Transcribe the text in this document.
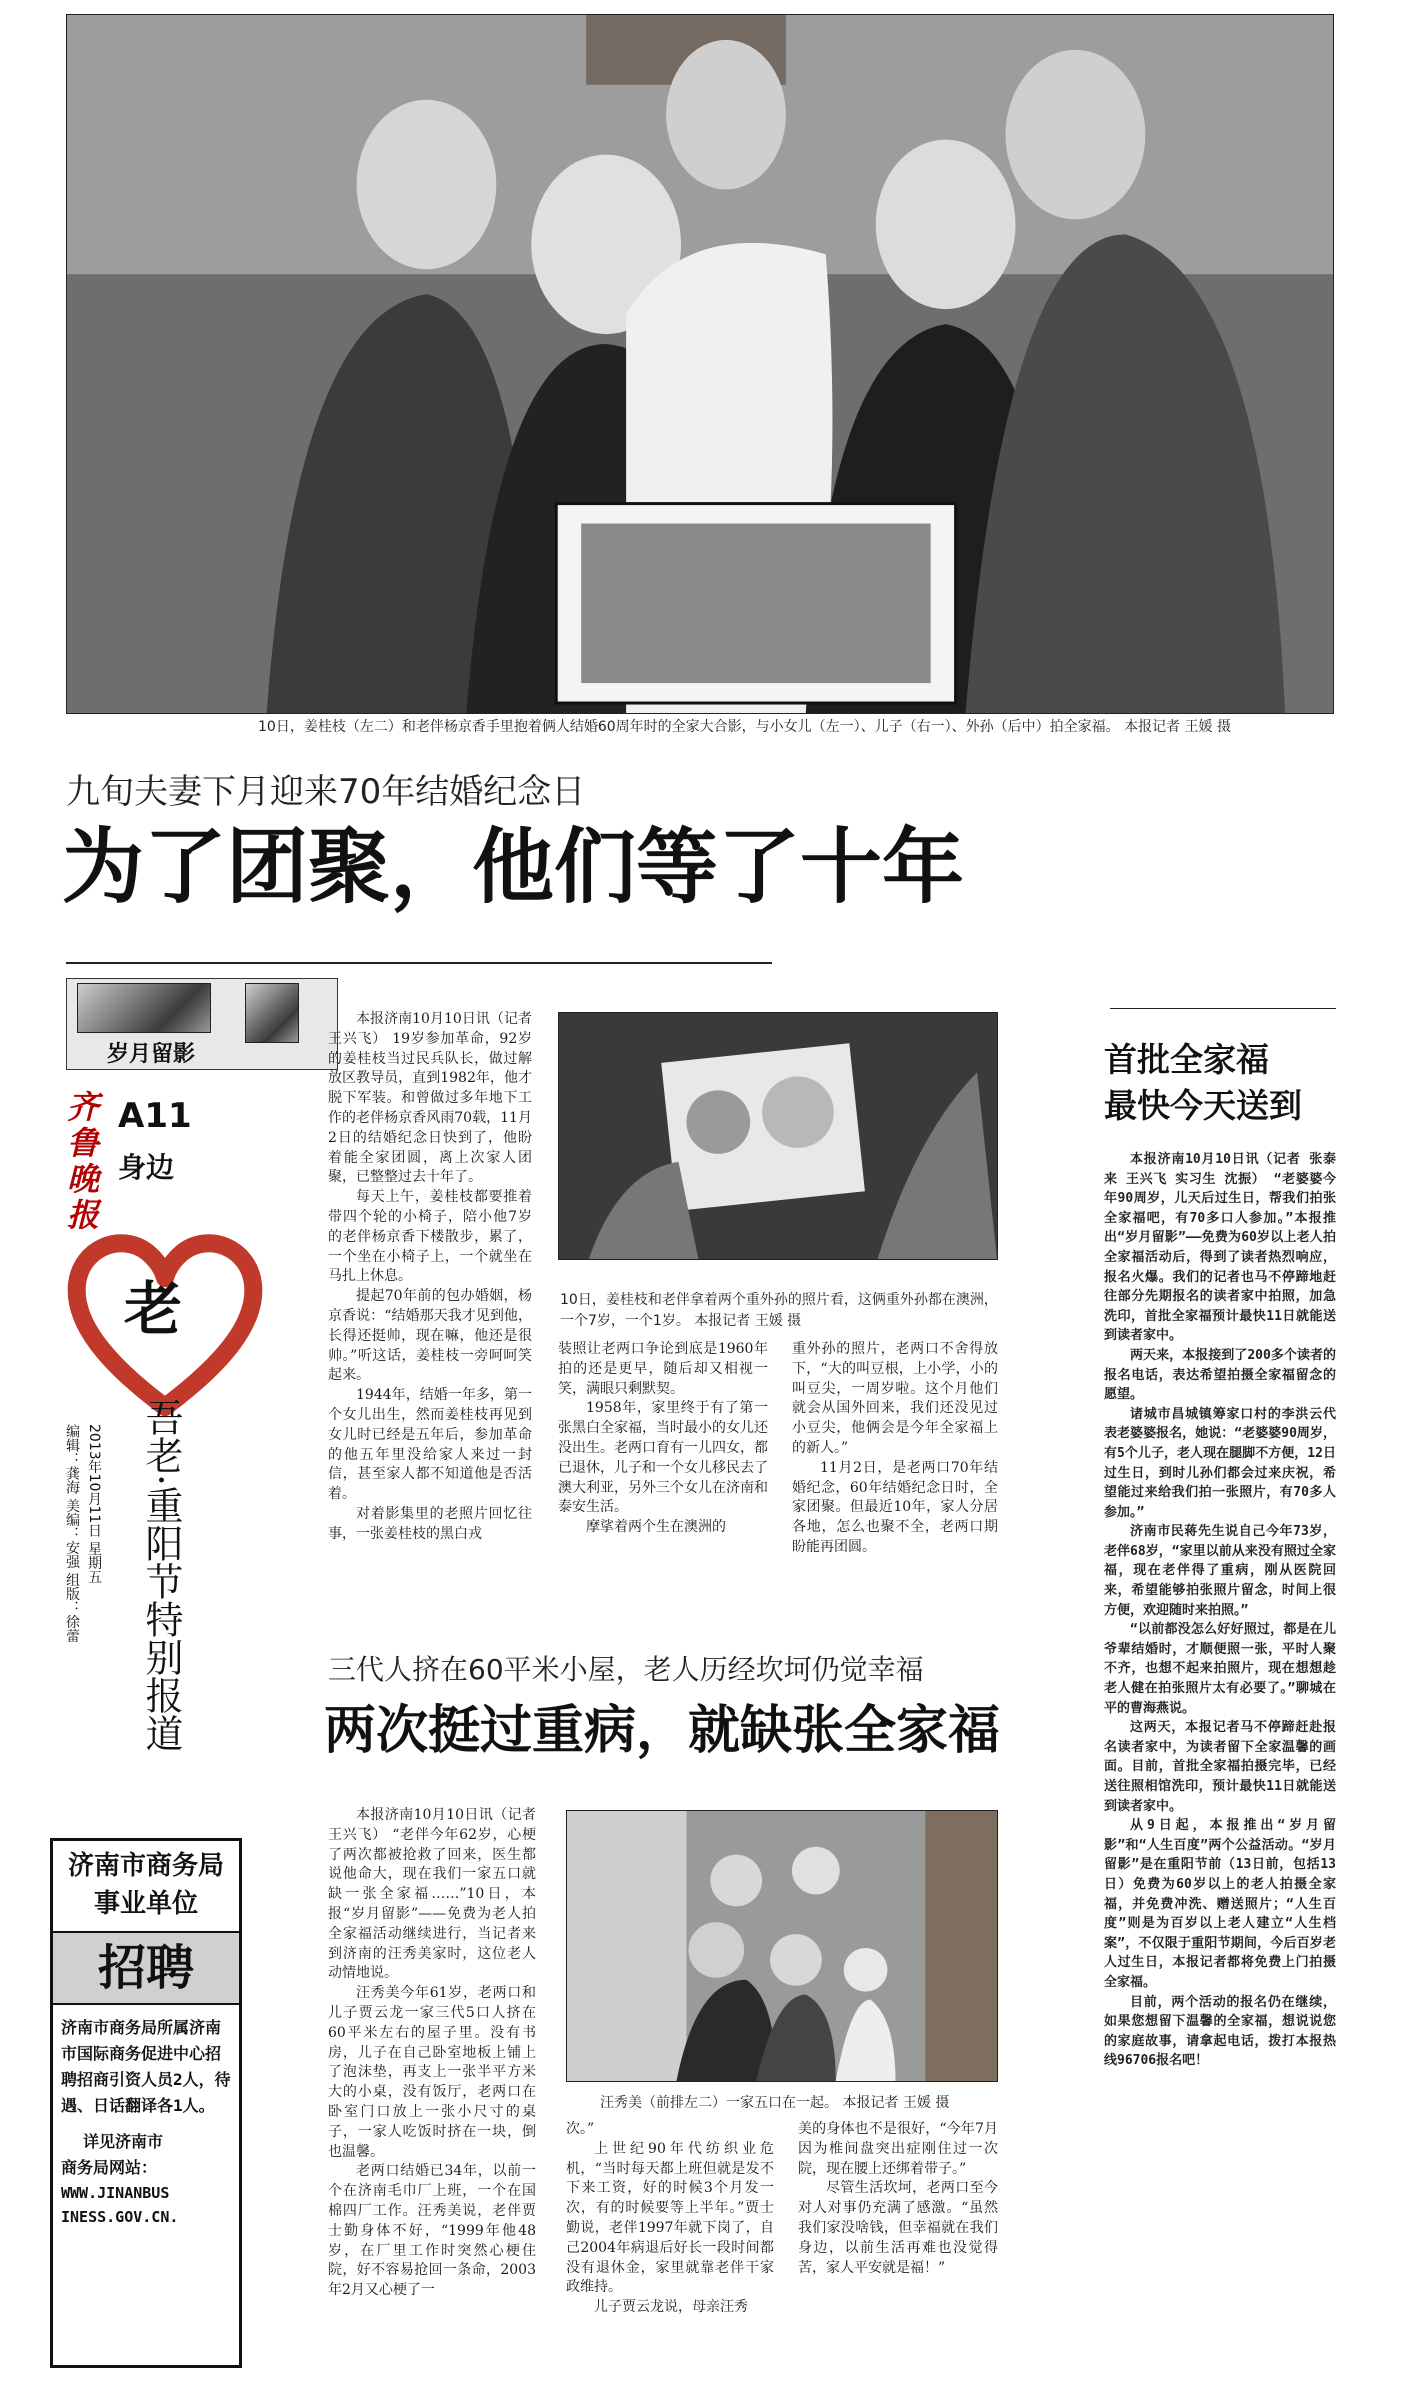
10日，姜桂枝（左二）和老伴杨京香手里抱着俩人结婚60周年时的全家大合影，与小女儿（左一）、儿子（右一）、外孙（后中）拍全家福。 本报记者 王媛 摄
九旬夫妻下月迎来70年结婚纪念日
为了团聚，他们等了十年
岁月留影
齐鲁晚报 A11
身边
老
吾老·重阳节特别报道
2013年10月11日 星期五
编辑：龚海 美编：安强 组版：徐蕾
济南市商务局
事业单位
招聘
济南市商务局所属济南市国际商务促进中心招聘招商引资人员2人，待遇、日话翻译各1人。
详见济南市
商务局网站：
WWW.JINANBUS
INESS.GOV.CN.

本报济南10月10日讯（记者 王兴飞） 19岁参加革命，92岁的姜桂枝当过民兵队长，做过解放区教导员，直到1982年，他才脱下军装。和曾做过多年地下工作的老伴杨京香风雨70载，11月2日的结婚纪念日快到了，他盼着能全家团圆，离上次家人团聚，已整整过去十年了。

每天上午，姜桂枝都要推着带四个轮的小椅子，陪小他7岁的老伴杨京香下楼散步，累了，一个坐在小椅子上，一个就坐在马扎上休息。

提起70年前的包办婚姻，杨京香说：“结婚那天我才见到他，长得还挺帅，现在嘛，他还是很帅。”听这话，姜桂枝一旁呵呵笑起来。

1944年，结婚一年多，第一个女儿出生，然而姜桂枝再见到女儿时已经是五年后，参加革命的他五年里没给家人来过一封信，甚至家人都不知道他是否活着。

对着影集里的老照片回忆往事，一张姜桂枝的黑白戎

10日，姜桂枝和老伴拿着两个重外孙的照片看，这俩重外孙都在澳洲，一个7岁，一个1岁。 本报记者 王媛 摄

装照让老两口争论到底是1960年拍的还是更早，随后却又相视一笑，满眼只剩默契。

1958年，家里终于有了第一张黑白全家福，当时最小的女儿还没出生。老两口育有一儿四女，都已退休，儿子和一个女儿移民去了澳大利亚，另外三个女儿在济南和泰安生活。

摩挲着两个生在澳洲的

重外孙的照片，老两口不舍得放下，“大的叫豆根，上小学，小的叫豆尖，一周岁啦。这个月他们就会从国外回来，我们还没见过小豆尖，他俩会是今年全家福上的新人。”

11月2日，是老两口70年结婚纪念，60年结婚纪念日时，全家团聚。但最近10年，家人分居各地，怎么也聚不全，老两口期盼能再团圆。

三代人挤在60平米小屋，老人历经坎坷仍觉幸福
两次挺过重病，就缺张全家福

本报济南10月10日讯（记者 王兴飞） “老伴今年62岁，心梗了两次都被抢救了回来，医生都说他命大，现在我们一家五口就缺一张全家福……”10日，本报“岁月留影”——免费为老人拍全家福活动继续进行，当记者来到济南的汪秀美家时，这位老人动情地说。

汪秀美今年61岁，老两口和儿子贾云龙一家三代5口人挤在60平米左右的屋子里。没有书房，儿子在自己卧室地板上铺上了泡沫垫，再支上一张半平方米大的小桌，没有饭厅，老两口在卧室门口放上一张小尺寸的桌子，一家人吃饭时挤在一块，倒也温馨。

老两口结婚已34年，以前一个在济南毛巾厂上班，一个在国棉四厂工作。汪秀美说，老伴贾士勤身体不好，“1999年他48岁，在厂里工作时突然心梗住院，好不容易抢回一条命，2003年2月又心梗了一

汪秀美（前排左二）一家五口在一起。 本报记者 王媛 摄

次。”

上世纪90年代纺织业危机，“当时每天都上班但就是发不下来工资，好的时候3个月发一次，有的时候要等上半年。”贾士勤说，老伴1997年就下岗了，自己2004年病退后好长一段时间都没有退休金，家里就靠老伴干家政维持。

儿子贾云龙说，母亲汪秀

美的身体也不是很好，“今年7月因为椎间盘突出症刚住过一次院，现在腰上还绑着带子。”

尽管生活坎坷，老两口至今对人对事仍充满了感激。“虽然我们家没啥钱，但幸福就在我们身边，以前生活再难也没觉得苦，家人平安就是福！”

首批全家福
最快今天送到

本报济南10月10日讯（记者 张泰来 王兴飞 实习生 沈振） “老婆婆今年90周岁，儿天后过生日，帮我们拍张全家福吧，有70多口人参加。”本报推出“岁月留影”——免费为60岁以上老人拍全家福活动后，得到了读者热烈响应，报名火爆。我们的记者也马不停蹄地赶往部分先期报名的读者家中拍照，加急洗印，首批全家福预计最快11日就能送到读者家中。

两天来，本报接到了200多个读者的报名电话，表达希望拍摄全家福留念的愿望。

诸城市昌城镇筹家口村的李洪云代表老婆婆报名，她说：“老婆婆90周岁，有5个儿子，老人现在腿脚不方便，12日过生日，到时儿孙们都会过来庆祝，希望能过来给我们拍一张照片，有70多人参加。”

济南市民蒋先生说自己今年73岁，老伴68岁，“家里以前从来没有照过全家福，现在老伴得了重病，刚从医院回来，希望能够拍张照片留念，时间上很方便，欢迎随时来拍照。”

“以前都没怎么好好照过，都是在儿爷辈结婚时，才顺便照一张，平时人聚不齐，也想不起来拍照片，现在想想趁老人健在拍张照片太有必要了。”聊城在平的曹海燕说。

这两天，本报记者马不停蹄赶赴报名读者家中，为读者留下全家温馨的画面。目前，首批全家福拍摄完毕，已经送往照相馆洗印，预计最快11日就能送到读者家中。

从9日起，本报推出“岁月留影”和“人生百度”两个公益活动。“岁月留影”是在重阳节前（13日前，包括13日）免费为60岁以上的老人拍摄全家福，并免费冲洗、赠送照片；“人生百度”则是为百岁以上老人建立“人生档案”，不仅限于重阳节期间，今后百岁老人过生日，本报记者都将免费上门拍摄全家福。

目前，两个活动的报名仍在继续，如果您想留下温馨的全家福，想说说您的家庭故事，请拿起电话，拨打本报热线96706报名吧！
